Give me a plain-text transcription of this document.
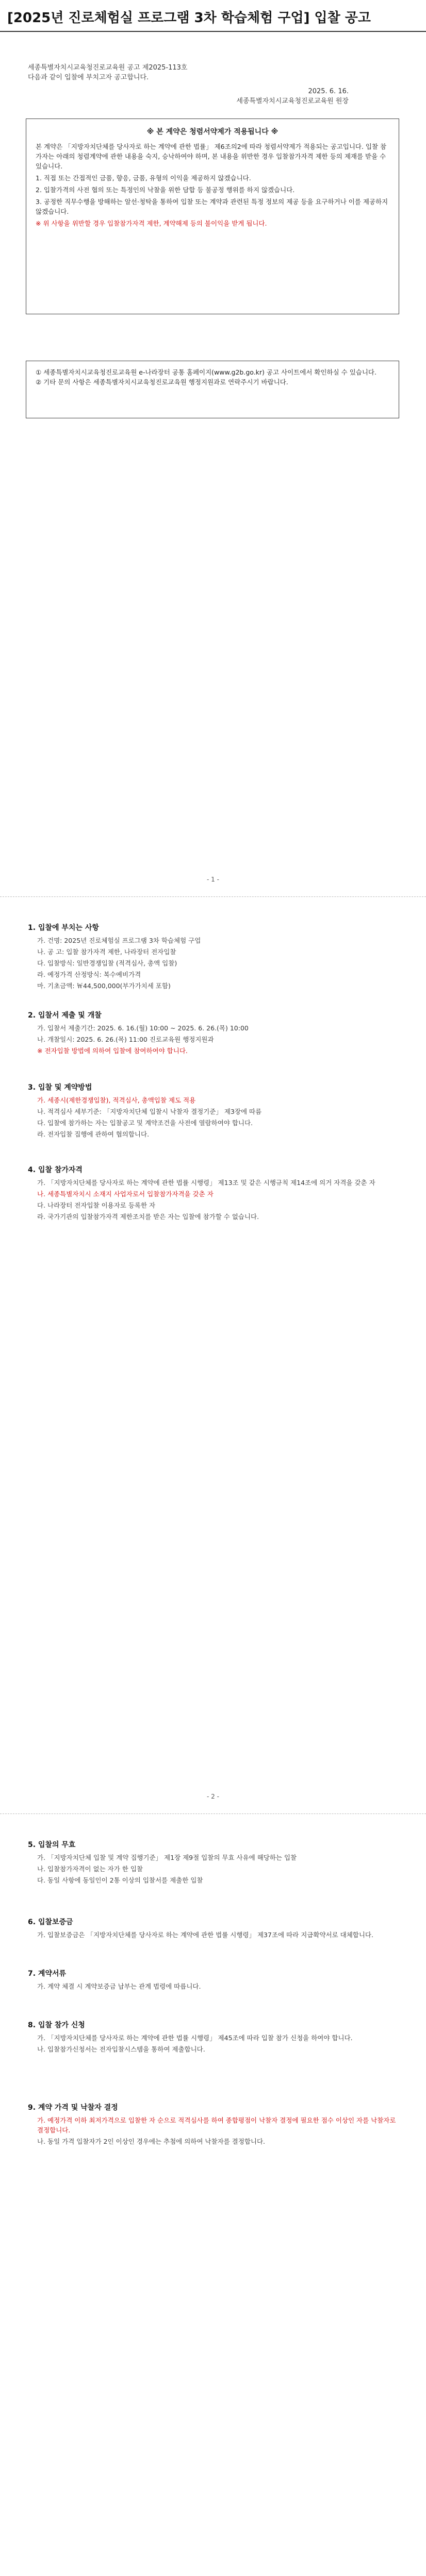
[2025년 진로체험실 프로그램 3차 학습체험 구업] 입찰 공고

세종특별자치시교육청진로교육원 공고 제2025-113호

다음과 같이 입찰에 부치고자 공고합니다.

2025. 6. 16.

세종특별자치시교육청진로교육원 원장

※ 본 계약은 청렴서약제가 적용됩니다 ※

본 계약은 「지방자치단체를 당사자로 하는 계약에 관한 법률」 제6조의2에 따라 청렴서약제가 적용되는 공고입니다. 입찰 참가자는 아래의 청렴계약에 관한 내용을 숙지, 승낙하여야 하며, 본 내용을 위반한 경우 입찰참가자격 제한 등의 제재를 받을 수 있습니다.

1. 직접 또는 간접적인 금품, 향응, 금품, 유형의 이익을 제공하지 않겠습니다.

2. 입찰가격의 사전 협의 또는 특정인의 낙찰을 위한 담합 등 불공정 행위를 하지 않겠습니다.

3. 공정한 직무수행을 방해하는 알선·청탁을 통하여 입찰 또는 계약과 관련된 특정 정보의 제공 등을 요구하거나 이를 제공하지 않겠습니다.

※ 위 사항을 위반할 경우 입찰참가자격 제한, 계약해제 등의 불이익을 받게 됩니다.

① 세종특별자치시교육청진로교육원 e-나라장터 공통 홈페이지(www.g2b.go.kr) 공고 사이트에서 확인하실 수 있습니다.

② 기타 문의 사항은 세종특별자치시교육청진로교육원 행정지원과로 연락주시기 바랍니다.

- 1 -
1. 입찰에 부치는 사항

가. 건명: 2025년 진로체험실 프로그램 3차 학습체험 구업

나. 공 고: 입찰 참가자격 제한, 나라장터 전자입찰

다. 입찰방식: 일반경쟁입찰 (적격심사, 총액 입찰)

라. 예정가격 산정방식: 복수예비가격

마. 기초금액: ￦44,500,000(부가가치세 포함)

2. 입찰서 제출 및 개찰

가. 입찰서 제출기간: 2025. 6. 16.(월) 10:00 ~ 2025. 6. 26.(목) 10:00

나. 개찰일시: 2025. 6. 26.(목) 11:00 진로교육원 행정지원과

※ 전자입찰 방법에 의하여 입찰에 참여하여야 합니다.

3. 입찰 및 계약방법

가. 세종시(제한경쟁입찰), 적격심사, 총액입찰 제도 적용

나. 적격심사 세부기준: 「지방자치단체 입찰시 낙찰자 결정기준」 제3장에 따름

다. 입찰에 참가하는 자는 입찰공고 및 계약조건을 사전에 열람하여야 합니다.

라. 전자입찰 집행에 관하여 협의합니다.

4. 입찰 참가자격

가. 「지방자치단체를 당사자로 하는 계약에 관한 법률 시행령」 제13조 및 같은 시행규칙 제14조에 의거 자격을 갖춘 자

나. 세종특별자치시 소재지 사업자로서 입찰참가자격을 갖춘 자

다. 나라장터 전자입찰 이용자로 등록한 자

라. 국가기관의 입찰참가자격 제한조치를 받은 자는 입찰에 참가할 수 없습니다.

- 2 -
5. 입찰의 무효

가. 「지방자치단체 입찰 및 계약 집행기준」 제1장 제9절 입찰의 무효 사유에 해당하는 입찰

나. 입찰참가자격이 없는 자가 한 입찰

다. 동일 사항에 동일인이 2통 이상의 입찰서를 제출한 입찰

6. 입찰보증금

가. 입찰보증금은 「지방자치단체를 당사자로 하는 계약에 관한 법률 시행령」 제37조에 따라 지급확약서로 대체합니다.

7. 계약서류

가. 계약 체결 시 계약보증금 납부는 관계 법령에 따릅니다.

8. 입찰 참가 신청

가. 「지방자치단체를 당사자로 하는 계약에 관한 법률 시행령」 제45조에 따라 입찰 참가 신청을 하여야 합니다.

나. 입찰참가신청서는 전자입찰시스템을 통하여 제출합니다.

9. 계약 가격 및 낙찰자 결정

가. 예정가격 이하 최저가격으로 입찰한 자 순으로 적격심사를 하여 종합평점이 낙찰자 결정에 필요한 점수 이상인 자를 낙찰자로 결정합니다.

나. 동일 가격 입찰자가 2인 이상인 경우에는 추첨에 의하여 낙찰자를 결정합니다.
